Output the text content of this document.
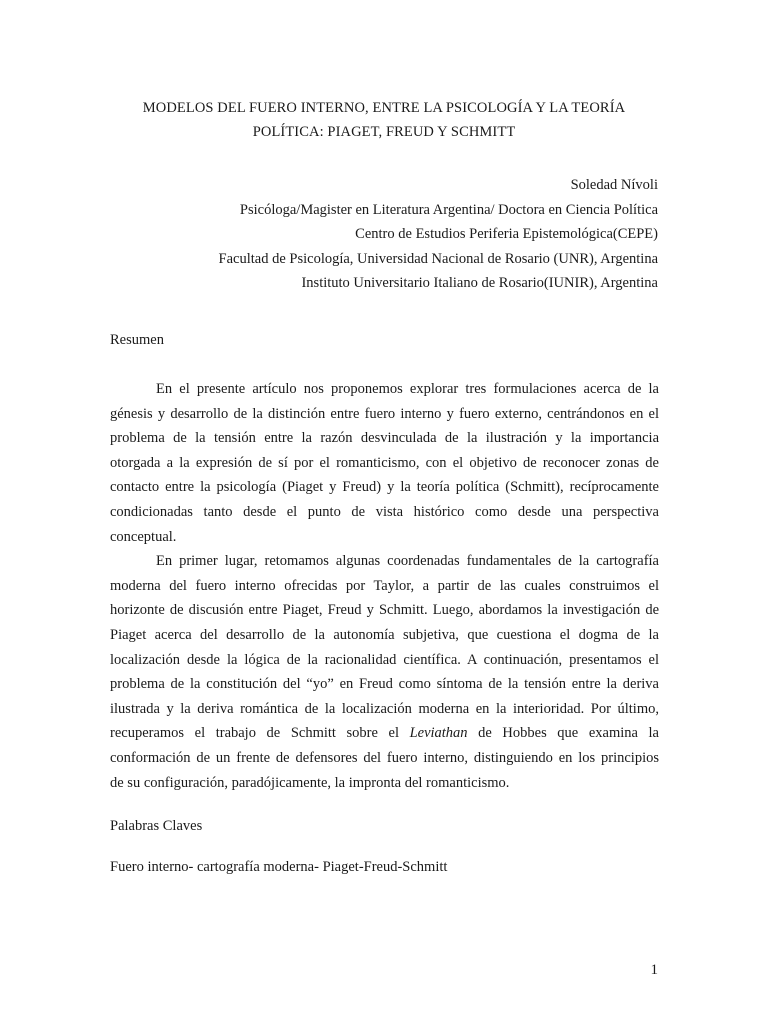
MODELOS DEL FUERO INTERNO, ENTRE LA PSICOLOGÍA Y LA TEORÍA
POLÍTICA: PIAGET, FREUD Y SCHMITT
Soledad Nívoli
Psicóloga/Magister en Literatura Argentina/ Doctora en Ciencia Política
Centro de Estudios Periferia Epistemológica(CEPE)
Facultad de Psicología, Universidad Nacional de Rosario (UNR), Argentina
Instituto Universitario Italiano de Rosario(IUNIR), Argentina
Resumen
En el presente artículo nos proponemos explorar tres formulaciones acerca de la
génesis y desarrollo de la distinción entre fuero interno y fuero externo, centrándonos en el
problema de la tensión entre la razón desvinculada de la ilustración y la importancia
otorgada a la expresión de sí por el romanticismo, con el objetivo de reconocer zonas de
contacto entre la psicología (Piaget y Freud) y la teoría política (Schmitt), recíprocamente
condicionadas tanto desde el punto de vista histórico como desde una perspectiva
conceptual.
En primer lugar, retomamos algunas coordenadas fundamentales de la cartografía
moderna del fuero interno ofrecidas por Taylor, a partir de las cuales construimos el
horizonte de discusión entre Piaget, Freud y Schmitt. Luego, abordamos la investigación de
Piaget acerca del desarrollo de la autonomía subjetiva, que cuestiona el dogma de la
localización desde la lógica de la racionalidad científica. A continuación, presentamos el
problema de la constitución del “yo” en Freud como síntoma de la tensión entre la deriva
ilustrada y la deriva romántica de la localización moderna en la interioridad. Por último,
recuperamos el trabajo de Schmitt sobre el Leviathan de Hobbes que examina la
conformación de un frente de defensores del fuero interno, distinguiendo en los principios
de su configuración, paradójicamente, la impronta del romanticismo.
Palabras Claves
Fuero interno- cartografía moderna- Piaget-Freud-Schmitt
1
